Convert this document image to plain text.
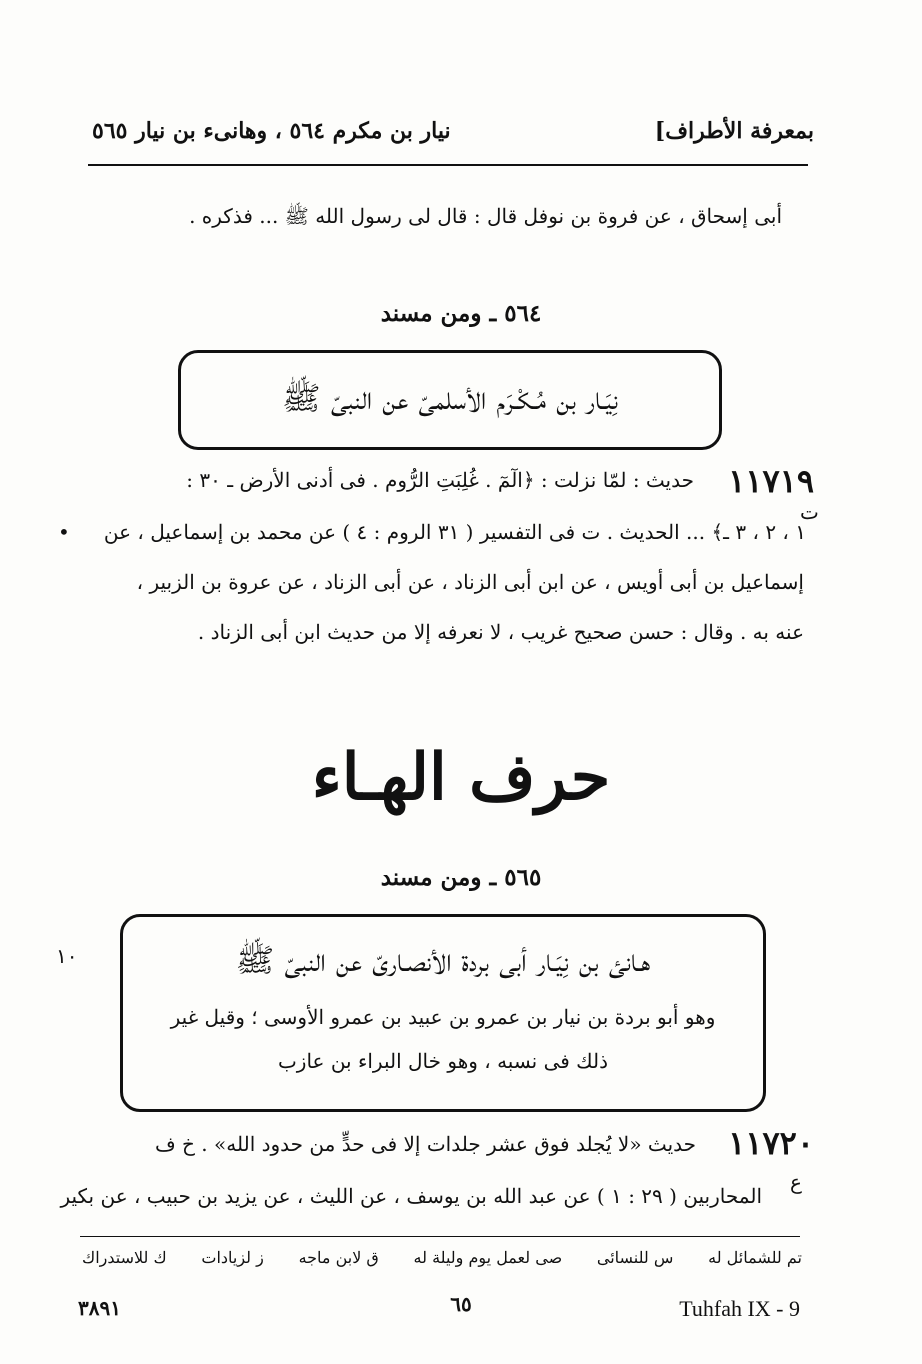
بمعرفة الأطراف]
نيار بن مكرم ٥٦٤ ، وهانىء بن نيار ٥٦٥
أبى إسحاق ، عن فروة بن نوفل قال : قال لى رسول الله ﷺ ... فذكره .
٥٦٤ ـ ومن مسند
نِيَـار بن مُـكْـرَم الأسلمىّ عن النبىّ ﷺ
١١٧١٩
ت
•
حديث : لمّا نزلت : ﴿الٓمٓ . غُلِبَتِ الرُّوم . فى أدنى الأرض ـ ٣٠ :
١ ، ٢ ، ٣ ـ﴾ ... الحديث . ت فى التفسير ( ٣١ الروم : ٤ ) عن محمد بن إسماعيل ، عن
إسماعيل بن أبى أويس ، عن ابن أبى الزناد ، عن أبى الزناد ، عن عروة بن الزبير ،
عنه به . وقال : حسن صحيح غريب ، لا نعرفه إلا من حديث ابن أبى الزناد .
حرف الهـاء
٥٦٥ ـ ومن مسند
١٠	هـانئ بن نِيَـار أبى بردة الأنصـارىّ عن النبىّ ﷺ
وهو أبو بردة بن نيار بن عمرو بن عبيد بن عمرو الأوسى ؛ وقيل غير
ذلك فى نسبه ، وهو خال البراء بن عازب
١١٧٢٠
حديث «لا يُجلد فوق عشر جلدات إلا فى حدٍّ من حدود الله» . خ ف
ع
المحاربين ( ٢٩ : ١ ) عن عبد الله بن يوسف ، عن الليث ، عن يزيد بن حبيب ، عن بكير
تم للشمائل له
س للنسائى
صى لعمل يوم وليلة له
ق لابن ماجه
ز لزيادات
ك للاستدراك
٣٨٩١	٦٥	Tuhfah IX - 9
